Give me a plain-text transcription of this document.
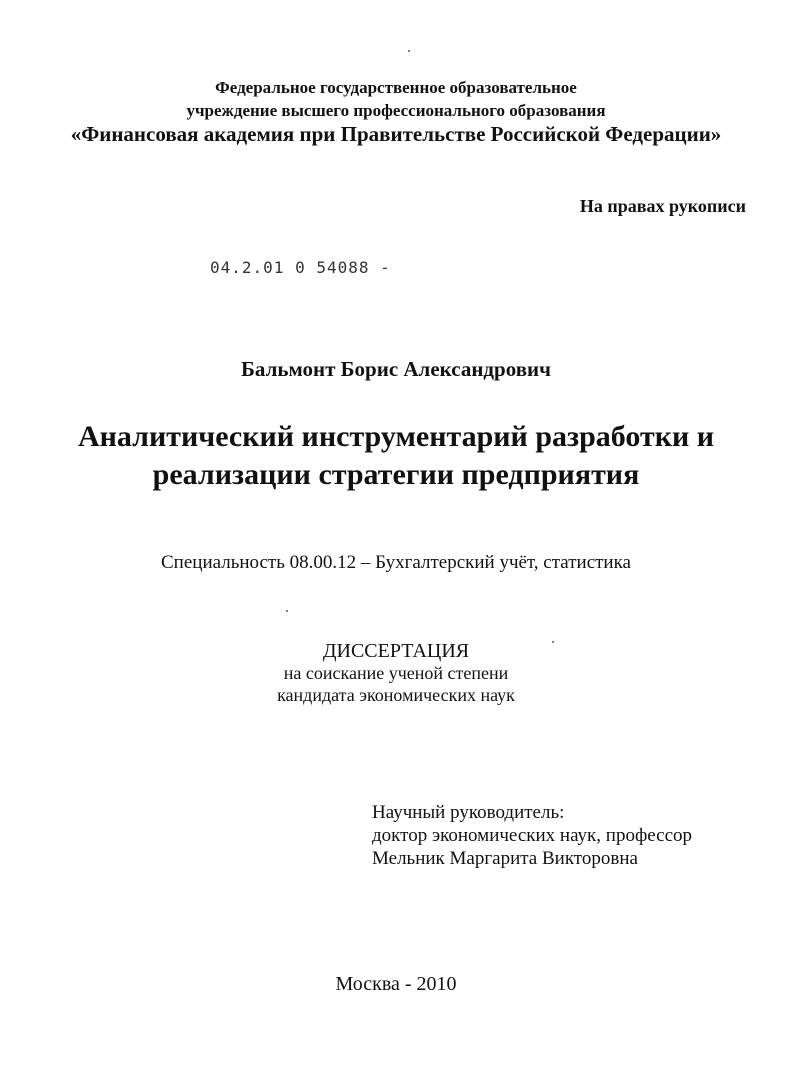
Федеральное государственное образовательное
учреждение высшего профессионального образования
«Финансовая академия при Правительстве Российской Федерации»
На правах рукописи
04.2.01 0 54088 -
Бальмонт Борис Александрович
Аналитический инструментарий разработки и
реализации стратегии предприятия
Специальность 08.00.12 – Бухгалтерский учёт, статистика
ДИССЕРТАЦИЯ
на соискание ученой степени
кандидата экономических наук
Научный руководитель:
доктор экономических наук, профессор
Мельник Маргарита Викторовна
Москва - 2010
